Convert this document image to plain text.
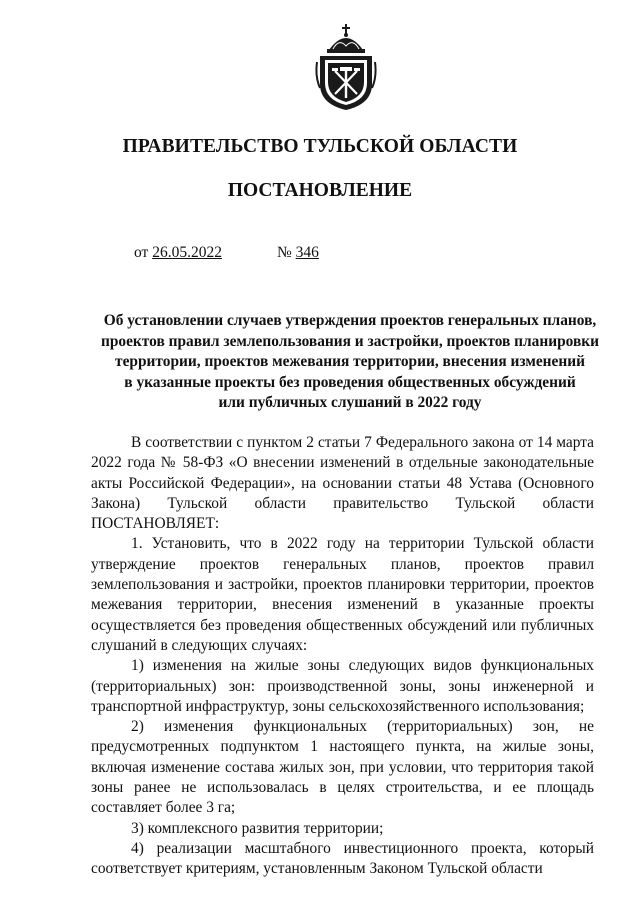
ПРАВИТЕЛЬСТВО ТУЛЬСКОЙ ОБЛАСТИ
ПОСТАНОВЛЕНИЕ
от 26.05.2022	№ 346
Об установлении случаев утверждения проектов генеральных планов,
проектов правил землепользования и застройки, проектов планировки
территории, проектов межевания территории, внесения изменений
в указанные проекты без проведения общественных обсуждений
или публичных слушаний в 2022 году

В соответствии с пунктом 2 статьи 7 Федерального закона от 14 марта 2022 года № 58-ФЗ «О внесении изменений в отдельные законодательные акты Российской Федерации», на основании статьи 48 Устава (Основного Закона) Тульской области правительство Тульской области ПОСТАНОВЛЯЕТ:

1. Установить, что в 2022 году на территории Тульской области утверждение проектов генеральных планов, проектов правил землепользования и застройки, проектов планировки территории, проектов межевания территории, внесения изменений в указанные проекты осуществляется без проведения общественных обсуждений или публичных слушаний в следующих случаях:

1) изменения на жилые зоны следующих видов функциональных (территориальных) зон: производственной зоны, зоны инженерной и транспортной инфраструктур, зоны сельскохозяйственного использования;

2) изменения функциональных (территориальных) зон, не предусмотренных подпунктом 1 настоящего пункта, на жилые зоны, включая изменение состава жилых зон, при условии, что территория такой зоны ранее не использовалась в целях строительства, и ее площадь составляет более 3 га;

3) комплексного развития территории;

4) реализации масштабного инвестиционного проекта, который соответствует критериям, установленным Законом Тульской области
